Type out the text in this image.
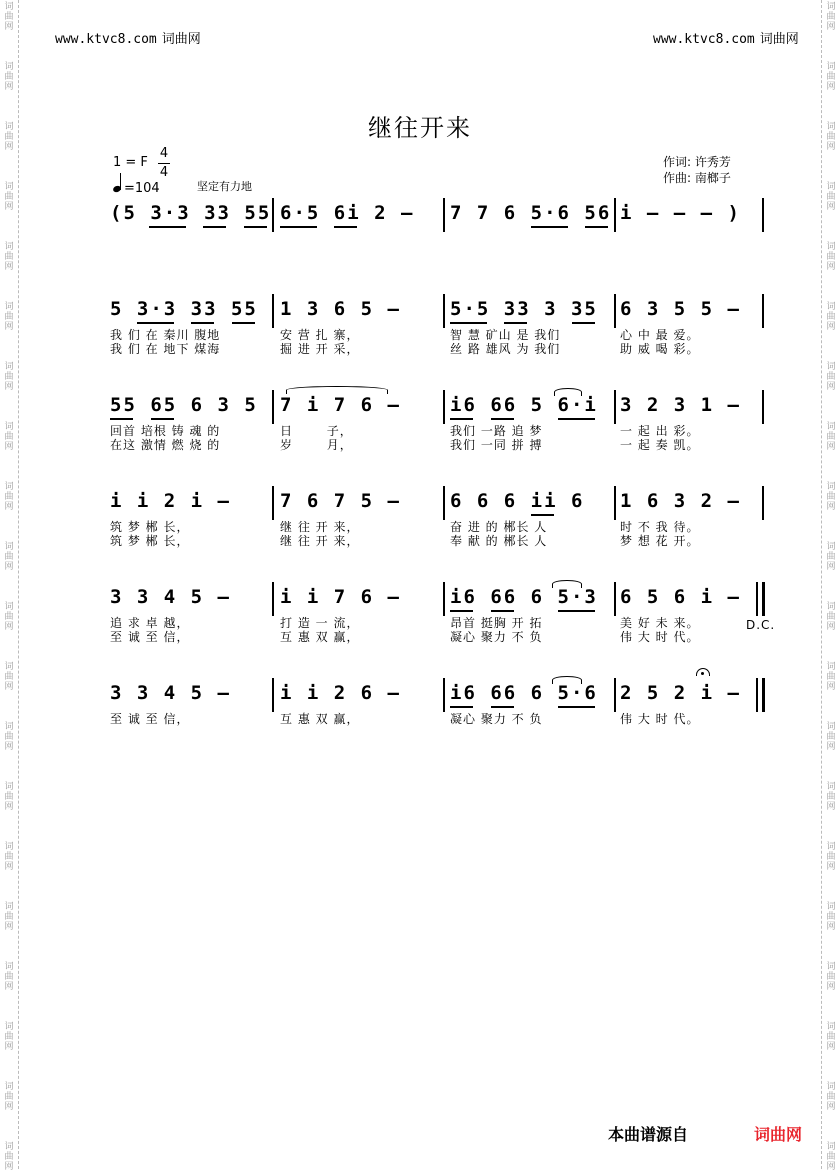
词
曲
网
词
曲
网
词
曲
网
词
曲
网
词
曲
网
词
曲
网
词
曲
网
词
曲
网
词
曲
网
词
曲
网
词
曲
网
词
曲
网
词
曲
网
词
曲
网
词
曲
网
词
曲
网
词
曲
网
词
曲
网
词
曲
网
词
曲
网
词
曲
网
词
曲
网
词
曲
网
词
曲
网
词
曲
网
词
曲
网
词
曲
网
词
曲
网
词
曲
网
词
曲
网
词
曲
网
词
曲
网
词
曲
网
词
曲
网
词
曲
网
词
曲
网
词
曲
网
词
曲
网
词
曲
网
词
曲
网
www.ktvc8.com 词曲网	www.ktvc8.com 词曲网
继往开来
1 = F
4
4
=104	坚定有力地
作词: 许秀芳
作曲: 南榔子
(5 3·3 33 55 6·5 6i 2 – 7 7 6 5·6 56 i – – – )
5 3·3 33 55 1 3 6 5 –	5·5 33 3 35 6 3 5 5 –
我 们 在 秦川 腹地	安 营 扎 寨，	智 慧 矿山 是 我们	心 中 最 爱。
我 们 在 地下 煤海	掘 进 开 采，	丝 路 雄风 为 我们	助 威 喝 彩。
55 65 6 3 5 7 i 7 6 –	i6 66 5 6·i 3 2 3 1 –
回首 培根 铸 魂 的	日       子，	我们 一路 追 梦	一 起 出 彩。
在这 激情 燃 烧 的	岁       月，	我们 一同 拼 搏	一 起 奏 凯。
i i 2 i –	7 6 7 5 –	6 6 6 ii 6 1 6 3 2 –
筑 梦 郴 长，	继 往 开 来，	奋 进 的 郴长 人	时 不 我 待。
筑 梦 郴 长，	继 往 开 来，	奉 献 的 郴长 人	梦 想 花 开。
3 3 4 5 –	i i 7 6 –	i6 66 6 5·3 6 5 6 i –
追 求 卓 越，	打 造 一 流，	昂首 挺胸 开 拓	美 好 未 来。
至 诚 至 信，	互 惠 双 赢，	凝心 聚力 不 负	伟 大 时 代。
3 3 4 5 –	i i 2 6 –	i6 66 6 5·6 2 5 2 i –
至 诚 至 信，	互 惠 双 赢，	凝心 聚力 不 负	伟 大 时 代。
D.C.
本曲谱源自	词曲网
